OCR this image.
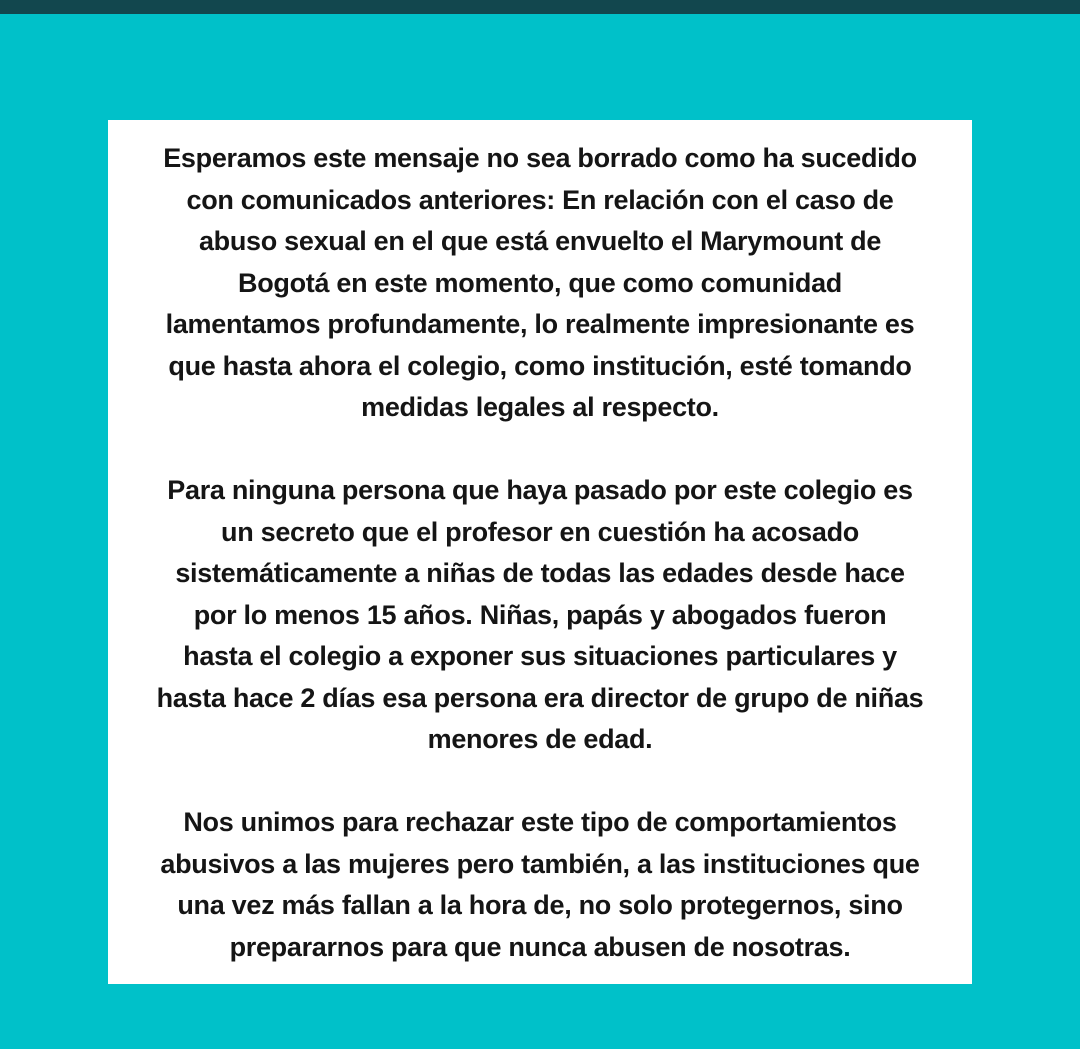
Esperamos este mensaje no sea borrado como ha sucedido
con comunicados anteriores: En relación con el caso de
abuso sexual en el que está envuelto el Marymount de
Bogotá en este momento, que como comunidad
lamentamos profundamente, lo realmente impresionante es
que hasta ahora el colegio, como institución, esté tomando
medidas legales al respecto.

Para ninguna persona que haya pasado por este colegio es
un secreto que el profesor en cuestión ha acosado
sistemáticamente a niñas de todas las edades desde hace
por lo menos 15 años. Niñas, papás y abogados fueron
hasta el colegio a exponer sus situaciones particulares y
hasta hace 2 días esa persona era director de grupo de niñas
menores de edad.

Nos unimos para rechazar este tipo de comportamientos
abusivos a las mujeres pero también, a las instituciones que
una vez más fallan a la hora de, no solo protegernos, sino
prepararnos para que nunca abusen de nosotras.
